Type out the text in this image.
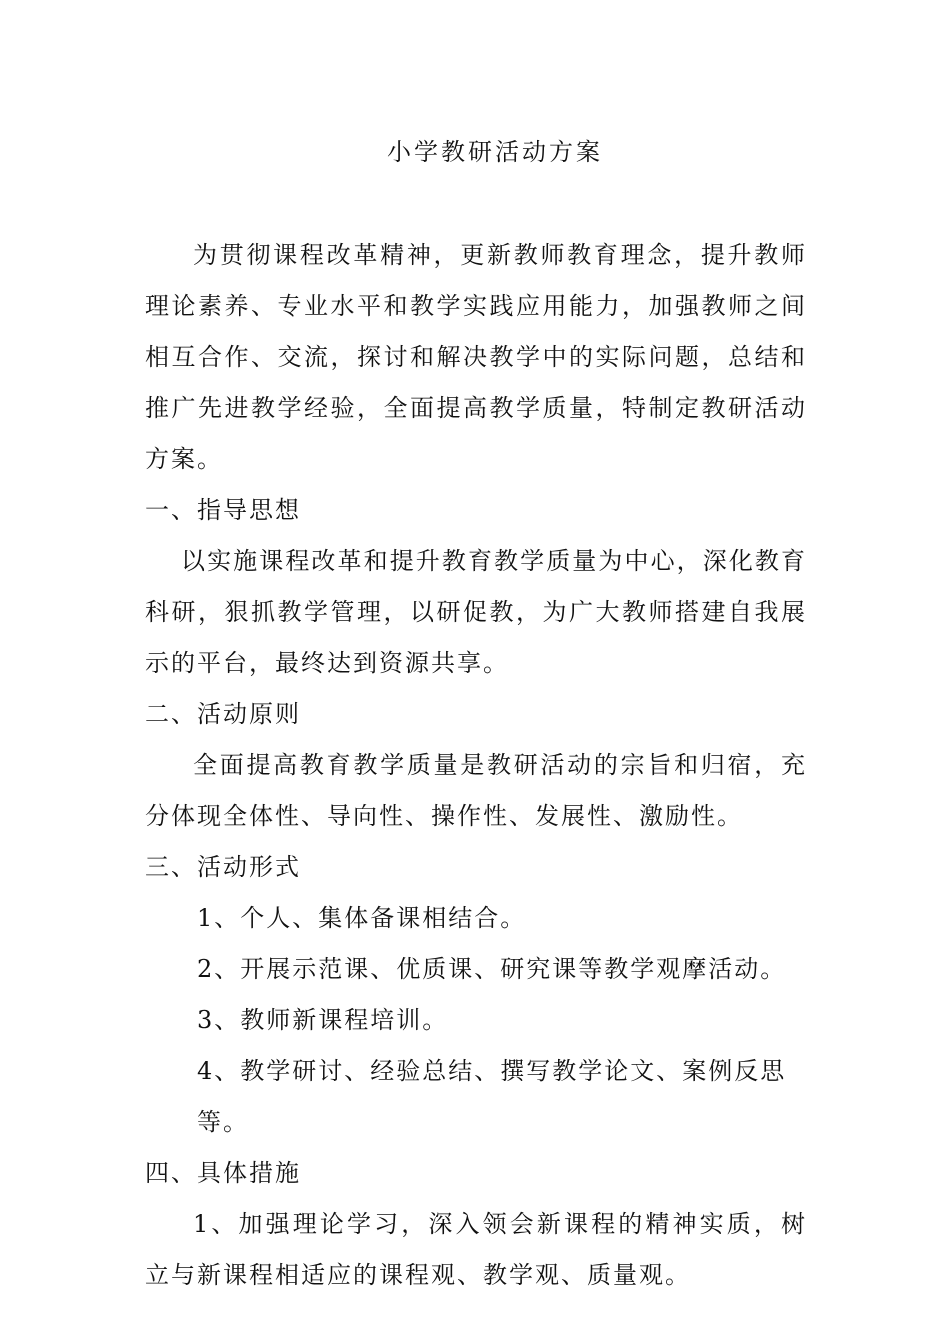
小学教研活动方案

为贯彻课程改革精神，更新教师教育理念，提升教师理论素养、专业水平和教学实践应用能力，加强教师之间相互合作、交流，探讨和解决教学中的实际问题，总结和推广先进教学经验，全面提高教学质量，特制定教研活动方案。

一、指导思想

以实施课程改革和提升教育教学质量为中心，深化教育科研，狠抓教学管理，以研促教，为广大教师搭建自我展示的平台，最终达到资源共享。

二、活动原则

全面提高教育教学质量是教研活动的宗旨和归宿，充分体现全体性、导向性、操作性、发展性、激励性。

三、活动形式

1、个人、集体备课相结合。

2、开展示范课、优质课、研究课等教学观摩活动。

3、教师新课程培训。

4、教学研讨、经验总结、撰写教学论文、案例反思等。

四、具体措施

1、加强理论学习，深入领会新课程的精神实质，树立与新课程相适应的课程观、教学观、质量观。
